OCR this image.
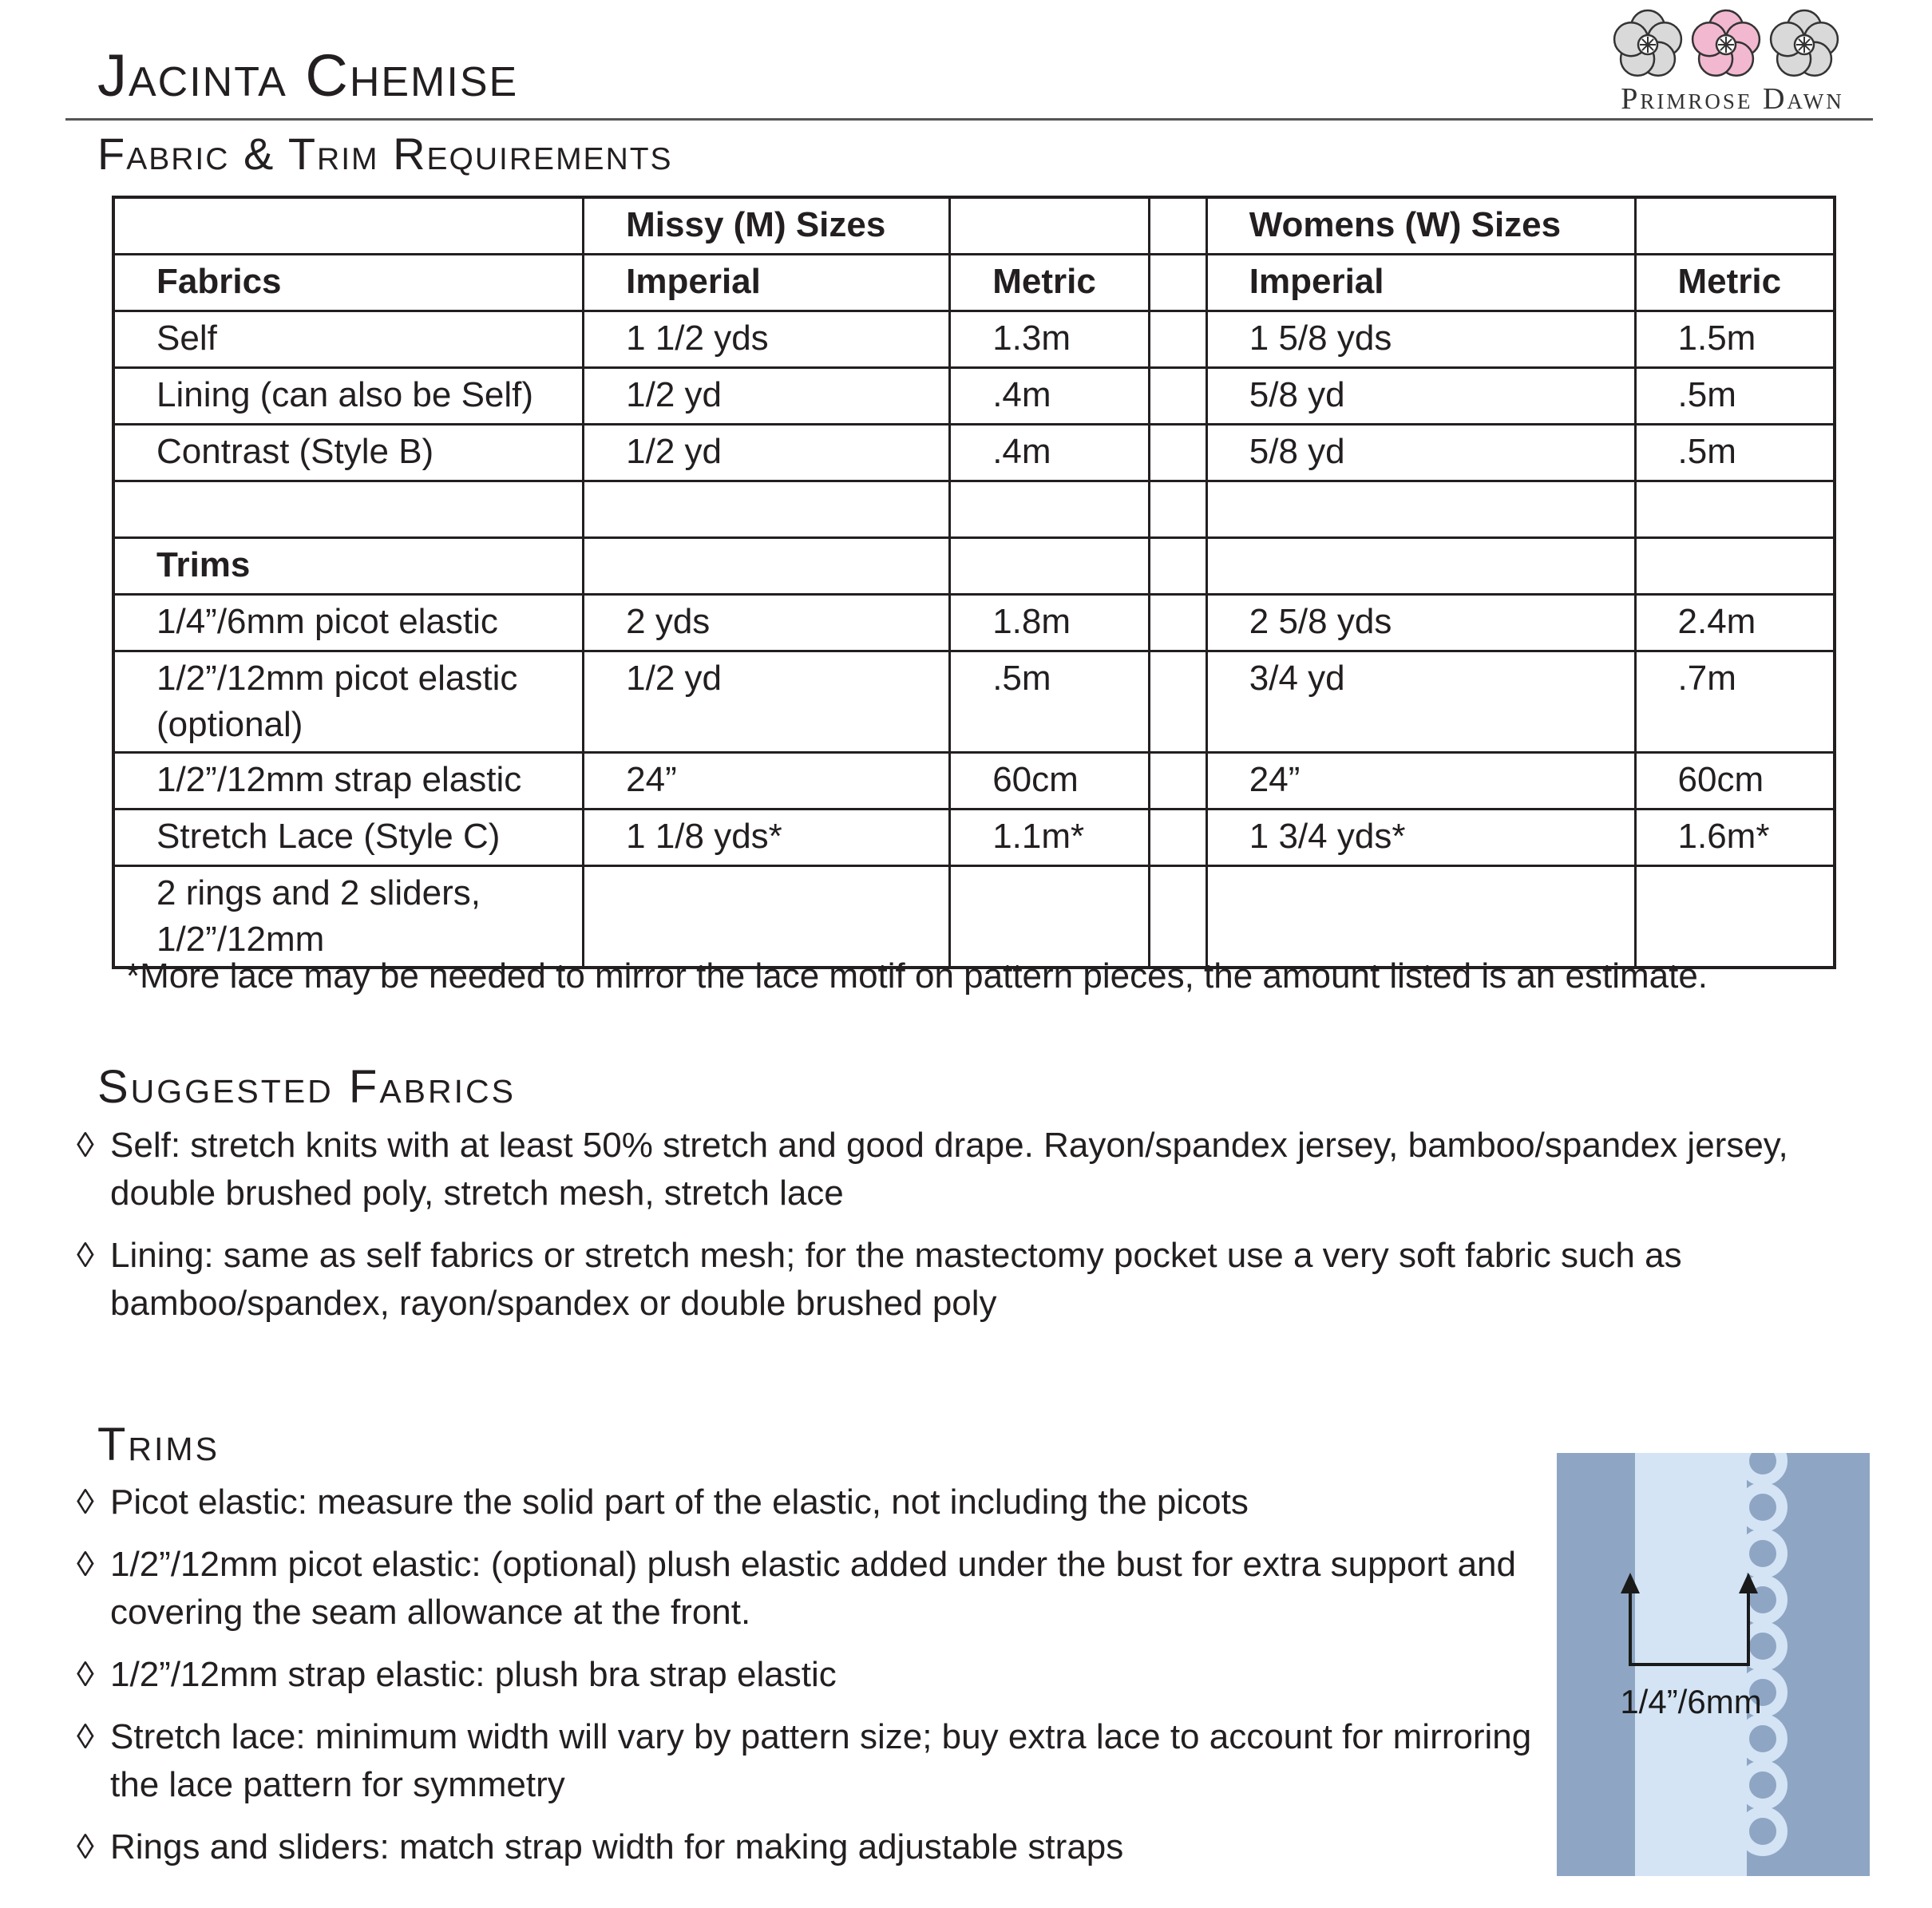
Jacinta Chemise	Primrose Dawn
Fabric & Trim Requirements
	Missy (M) Sizes			Womens (W) Sizes	
Fabrics	Imperial	Metric		Imperial	Metric
Self	1 1/2 yds	1.3m		1 5/8 yds	1.5m
Lining (can also be Self)	1/2 yd	.4m		5/8 yd	.5m
Contrast (Style B)	1/2 yd	.4m		5/8 yd	.5m

Trims					
1/4”/6mm picot elastic	2 yds	1.8m		2 5/8 yds	2.4m
1/2”/12mm picot elastic (optional)	1/2 yd	.5m		3/4 yd	.7m
1/2”/12mm strap elastic	24”	60cm		24”	60cm
Stretch Lace (Style C)	1 1/8 yds*	1.1m*		1 3/4 yds*	1.6m*
2 rings and 2 sliders, 1/2”/12mm					
*More lace may be needed to mirror the lace motif on pattern pieces, the amount listed is an estimate.
Suggested Fabrics
◊ Self: stretch knits with at least 50% stretch and good drape. Rayon/spandex jersey, bamboo/spandex jersey, double brushed poly, stretch mesh, stretch lace
◊ Lining: same as self fabrics or stretch mesh; for the mastectomy pocket use a very soft fabric such as bamboo/spandex, rayon/spandex or double brushed poly
Trims
◊ Picot elastic: measure the solid part of the elastic, not including the picots
◊ 1/2”/12mm picot elastic: (optional) plush elastic added under the bust for extra support and covering the seam allowance at the front.
◊ 1/2”/12mm strap elastic: plush bra strap elastic
◊ Stretch lace: minimum width will vary by pattern size; buy extra lace to account for mirroring the lace pattern for symmetry
◊ Rings and sliders: match strap width for making adjustable straps
1/4”/6mm
